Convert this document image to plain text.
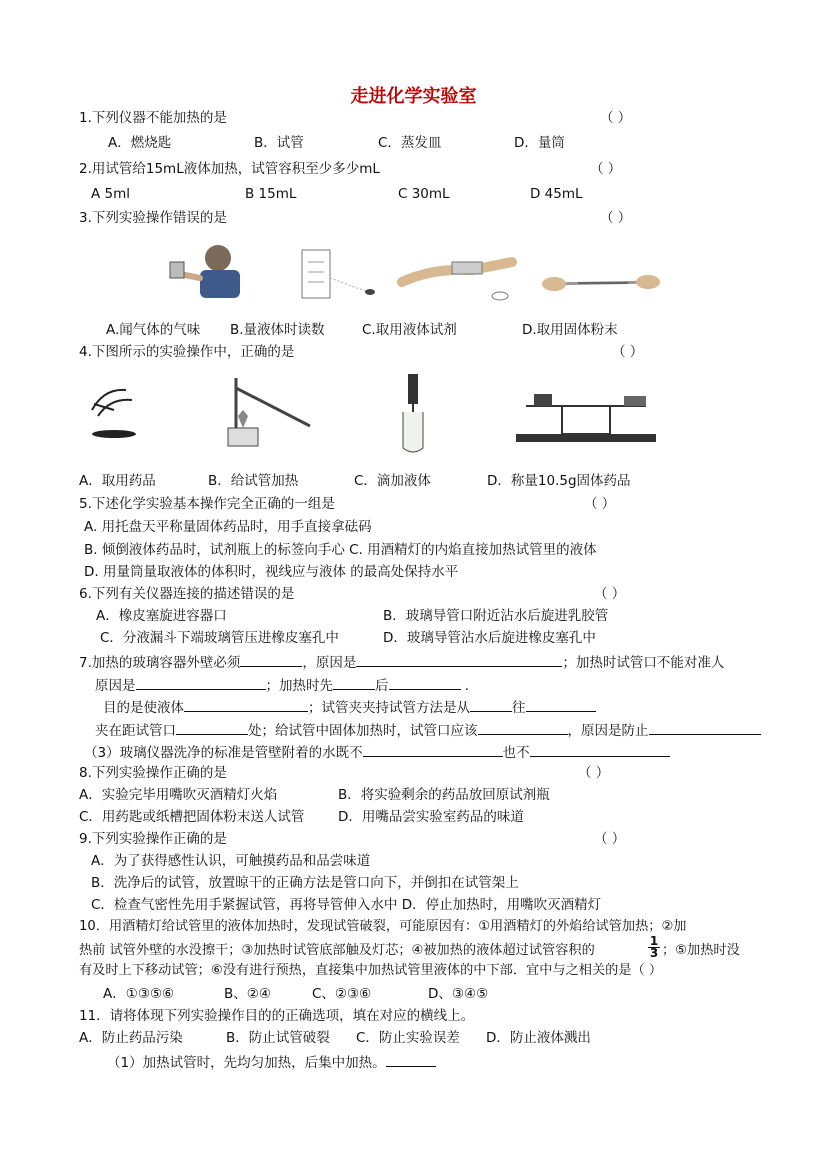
走进化学实验室
1.下列仪器不能加热的是	（ ）
A．燃烧匙	B．试管	C．蒸发皿	D．量筒
2.用试管给15mL液体加热，试管容积至少多少mL	（ ）
A 5ml	B 15mL	C 30mL	D 45mL
3.下列实验操作错误的是	（ ）
A.闻气体的气味 B.量液体时读数	C.取用液体试剂	D.取用固体粉末
4.下图所示的实验操作中，正确的是	（ ）
A．取用药品	B．给试管加热	C．滴加液体	D．称量10.5g固体药品
5.下述化学实验基本操作完全正确的一组是	（ ）
A. 用托盘天平称量固体药品时，用手直接拿砝码
B. 倾倒液体药品时，试剂瓶上的标签向手心 C. 用酒精灯的内焰直接加热试管里的液体
D. 用量筒量取液体的体积时，视线应与液体 的最高处保持水平
6.下列有关仪器连接的描述错误的是	（ ）
A．橡皮塞旋进容器口	B．玻璃导管口附近沾水后旋进乳胶管
C．分液漏斗下端玻璃管压进橡皮塞孔中	D．玻璃导管沾水后旋进橡皮塞孔中
7.加热的玻璃容器外壁必须	，原因是	；加热时试管口不能对准人
原因是	；加热时先	后	.
目的是使液体	；试管夹夹持试管方法是从	往
夹在距试管口	处；给试管中固体加热时，试管口应该	，原因是防止
（3）玻璃仪器洗净的标准是管壁附着的水既不	也不
8.下列实验操作正确的是	（ ）
A．实验完毕用嘴吹灭酒精灯火焰	B．将实验剩余的药品放回原试剂瓶
C．用药匙或纸槽把固体粉末送人试管 D．用嘴品尝实验室药品的味道
9.下列实验操作正确的是	（ ）
A．为了获得感性认识，可触摸药品和品尝味道
B．洗净后的试管，放置晾干的正确方法是管口向下，并倒扣在试管架上
C．检查气密性先用手紧握试管，再将导管伸入水中 D．停止加热时，用嘴吹灭酒精灯
10．用酒精灯给试管里的液体加热时，发现试管破裂，可能原因有：①用酒精灯的外焰给试管加热；②加
热前 试管外壁的水没擦干；③加热时试管底部触及灯芯；④被加热的液体超过试管容积的	$\frac{1}{3}$ ；⑤加热时没
有及时上下移动试管；⑥没有进行预热，直接集中加热试管里液体的中下部．宜中与之相关的是（ ）
A．①③⑤⑥	B、②④	C、②③⑥	D、③④⑤
11．请将体现下列实验操作目的的正确选项，填在对应的横线上。
A．防止药品污染	B．防止试管破裂 C．防止实验误差 D．防止液体溅出
（1）加热试管时，先均匀加热，后集中加热。
